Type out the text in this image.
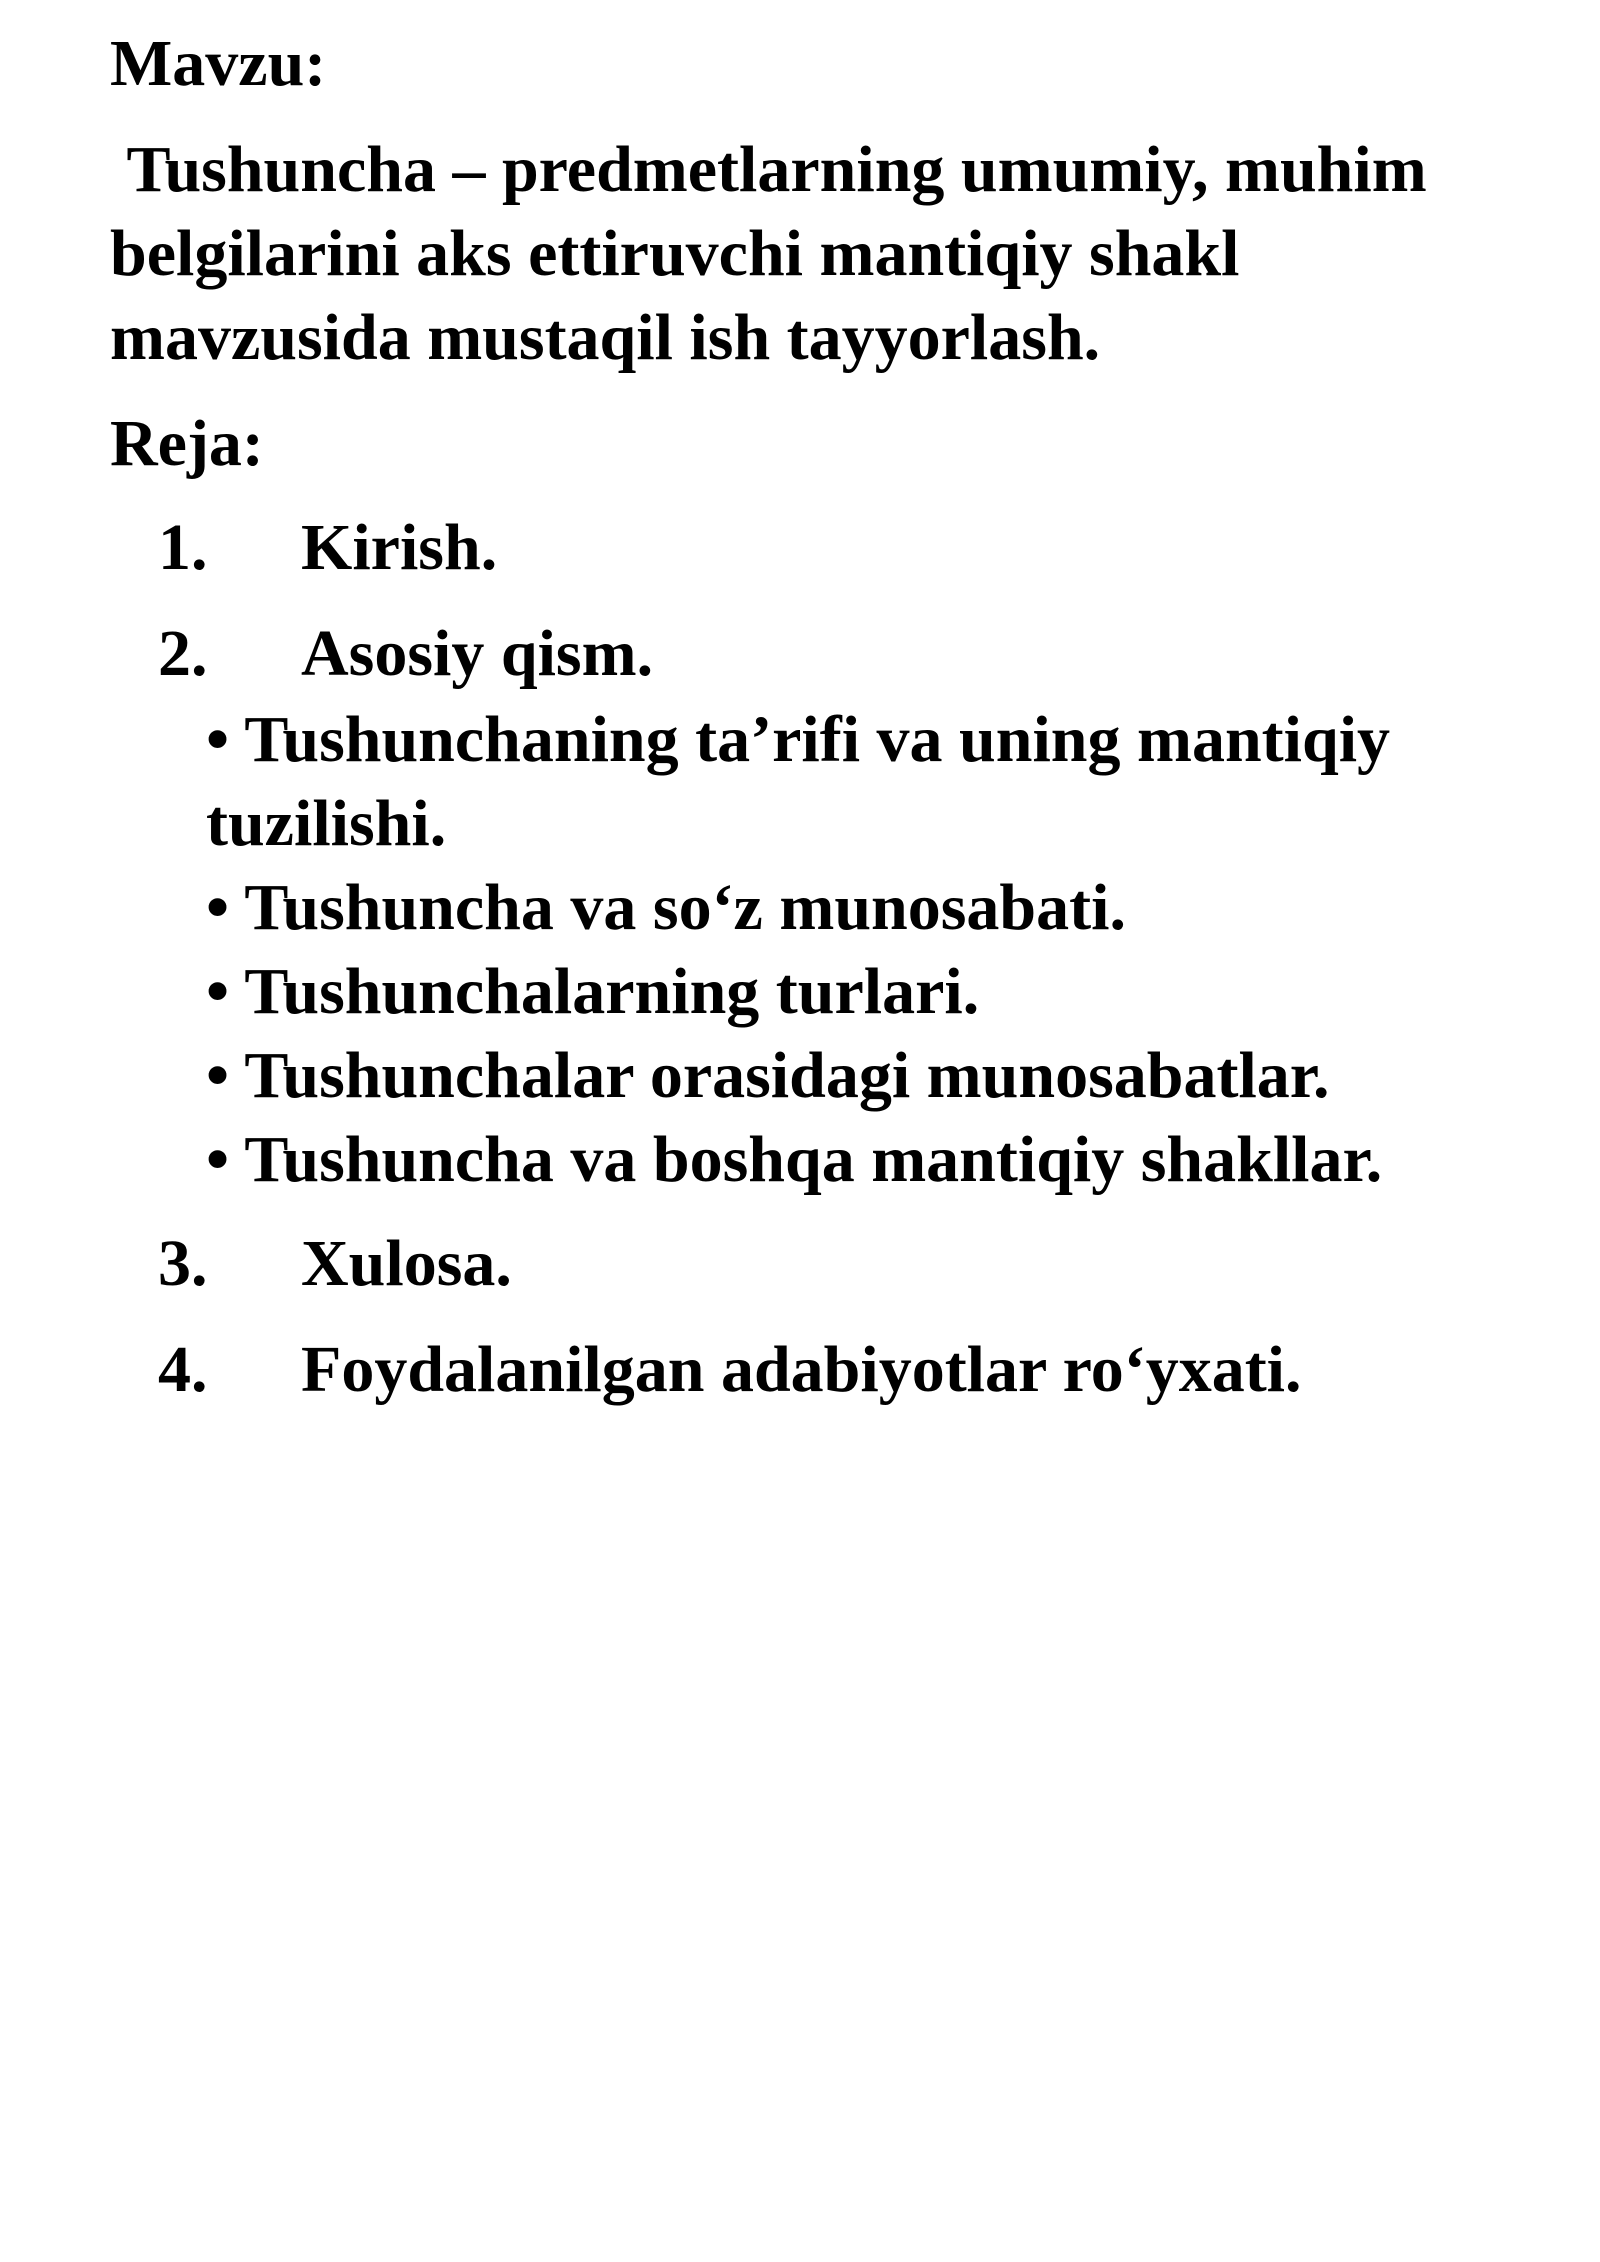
Mavzu:

Tushuncha – predmetlarning umumiy, muhim belgilarini aks ettiruvchi mantiqiy shakl mavzusida mustaqil ish tayyorlash.

Reja:

1. Kirish.

2. Asosiy qism.

• Tushunchaning ta’rifi va uning mantiqiy tuzilishi.
• Tushuncha va so‘z munosabati.
• Tushunchalarning turlari.
• Tushunchalar orasidagi munosabatlar.
• Tushuncha va boshqa mantiqiy shakllar.

3. Xulosa.

4. Foydalanilgan adabiyotlar ro‘yxati.
